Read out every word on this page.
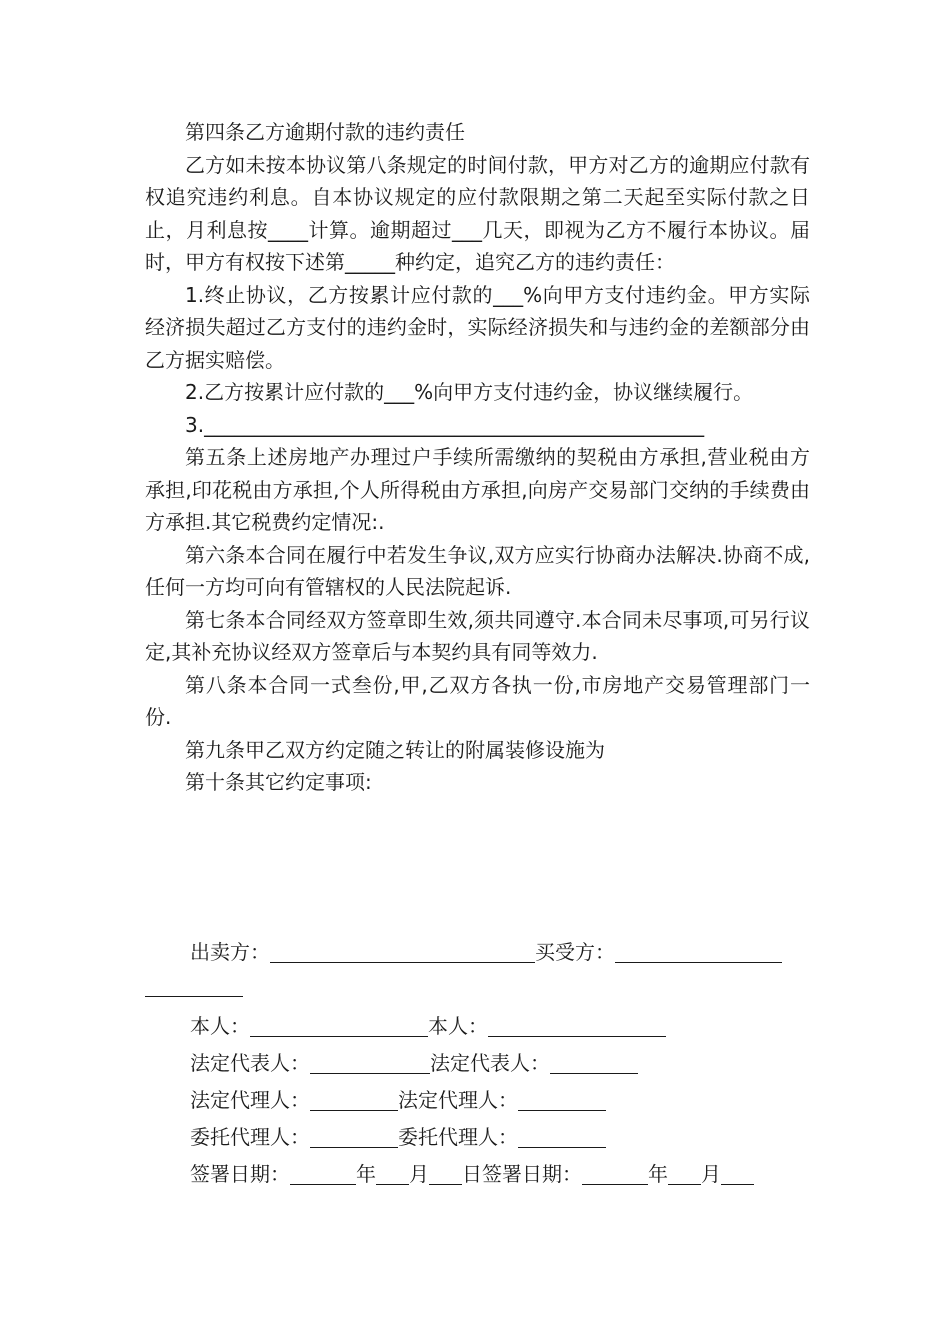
第四条乙方逾期付款的违约责任

乙方如未按本协议第八条规定的时间付款，甲方对乙方的逾期应付款有权追究违约利息。自本协议规定的应付款限期之第二天起至实际付款之日止，月利息按____计算。逾期超过___几天，即视为乙方不履行本协议。届时，甲方有权按下述第_____种约定，追究乙方的违约责任：

1.终止协议，乙方按累计应付款的___%向甲方支付违约金。甲方实际经济损失超过乙方支付的违约金时，实际经济损失和与违约金的差额部分由乙方据实赔偿。

2.乙方按累计应付款的___%向甲方支付违约金，协议继续履行。

3.__________________________________________________

第五条上述房地产办理过户手续所需缴纳的契税由方承担,营业税由方承担,印花税由方承担,个人所得税由方承担,向房产交易部门交纳的手续费由方承担.其它税费约定情况:.

第六条本合同在履行中若发生争议,双方应实行协商办法解决.协商不成,任何一方均可向有管辖权的人民法院起诉.

第七条本合同经双方签章即生效,须共同遵守.本合同未尽事项,可另行议定,其补充协议经双方签章后与本契约具有同等效力.

第八条本合同一式叁份,甲,乙双方各执一份,市房地产交易管理部门一份.

第九条甲乙双方约定随之转让的附属装修设施为

第十条其它约定事项:

出卖方：	买受方：
本人：	本人：
法定代表人：	法定代表人：
法定代理人：	法定代理人：
委托代理人：	委托代理人：
签署日期：	年 月 日签署日期：	年 月
